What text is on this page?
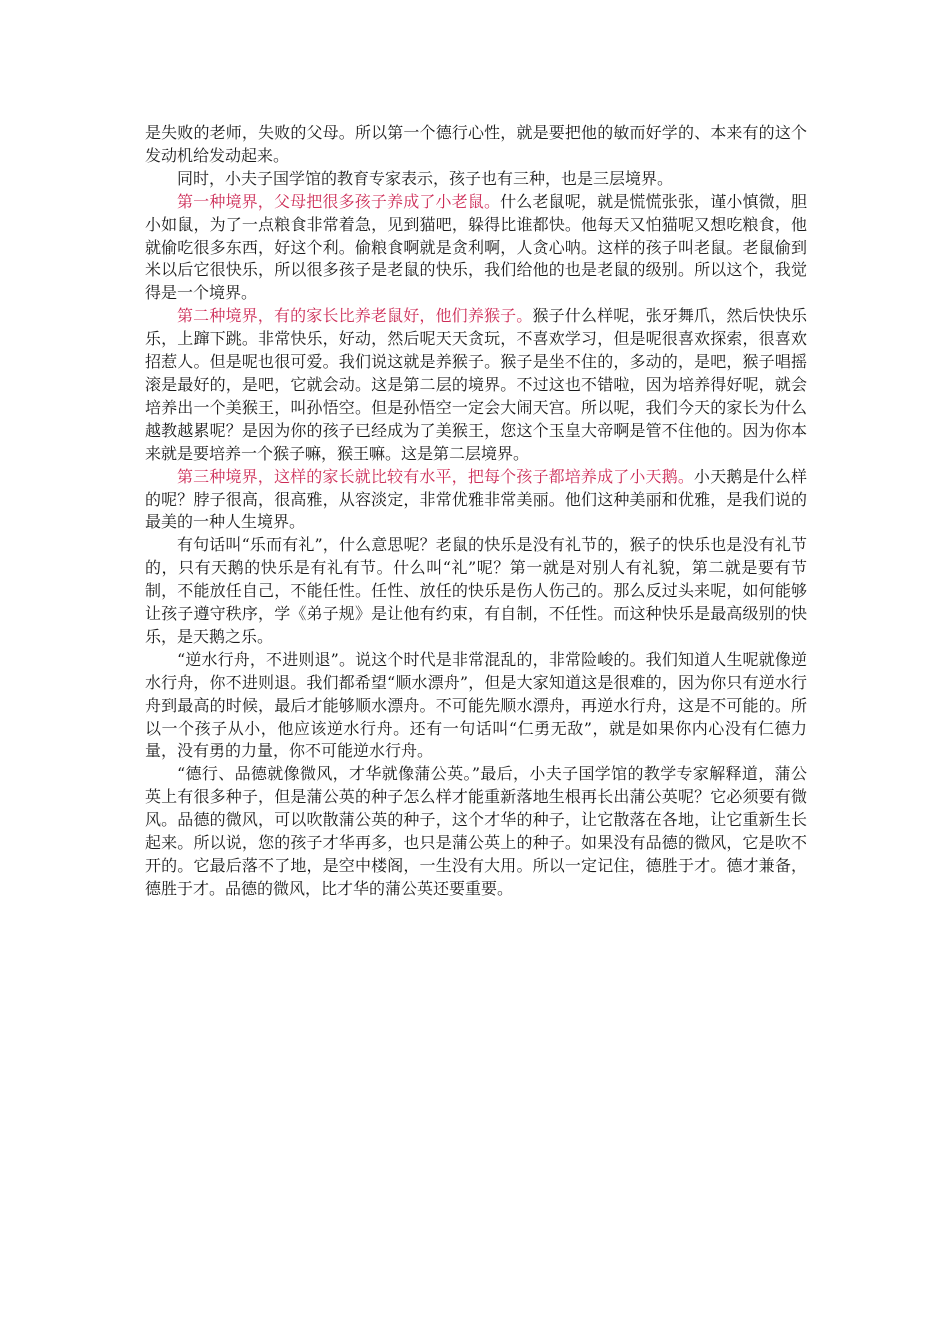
是失败的老师，失败的父母。所以第一个德行心性，就是要把他的敏而好学的、本来有的这个发动机给发动起来。

同时，小夫子国学馆的教育专家表示，孩子也有三种，也是三层境界。

第一种境界，父母把很多孩子养成了小老鼠。什么老鼠呢，就是慌慌张张，谨小慎微，胆小如鼠，为了一点粮食非常着急，见到猫吧，躲得比谁都快。他每天又怕猫呢又想吃粮食，他就偷吃很多东西，好这个利。偷粮食啊就是贪利啊，人贪心呐。这样的孩子叫老鼠。老鼠偷到米以后它很快乐，所以很多孩子是老鼠的快乐，我们给他的也是老鼠的级别。所以这个，我觉得是一个境界。

第二种境界，有的家长比养老鼠好，他们养猴子。猴子什么样呢，张牙舞爪，然后快快乐乐，上蹿下跳。非常快乐，好动，然后呢天天贪玩，不喜欢学习，但是呢很喜欢探索，很喜欢招惹人。但是呢也很可爱。我们说这就是养猴子。猴子是坐不住的，多动的，是吧，猴子唱摇滚是最好的，是吧，它就会动。这是第二层的境界。不过这也不错啦，因为培养得好呢，就会培养出一个美猴王，叫孙悟空。但是孙悟空一定会大闹天宫。所以呢，我们今天的家长为什么越教越累呢？是因为你的孩子已经成为了美猴王，您这个玉皇大帝啊是管不住他的。因为你本来就是要培养一个猴子嘛，猴王嘛。这是第二层境界。

第三种境界，这样的家长就比较有水平，把每个孩子都培养成了小天鹅。小天鹅是什么样的呢？脖子很高，很高雅，从容淡定，非常优雅非常美丽。他们这种美丽和优雅，是我们说的最美的一种人生境界。

有句话叫“乐而有礼”，什么意思呢？老鼠的快乐是没有礼节的，猴子的快乐也是没有礼节的，只有天鹅的快乐是有礼有节。什么叫“礼”呢？第一就是对别人有礼貌，第二就是要有节制，不能放任自己，不能任性。任性、放任的快乐是伤人伤己的。那么反过头来呢，如何能够让孩子遵守秩序，学《弟子规》是让他有约束，有自制，不任性。而这种快乐是最高级别的快乐，是天鹅之乐。

“逆水行舟，不进则退”。说这个时代是非常混乱的，非常险峻的。我们知道人生呢就像逆水行舟，你不进则退。我们都希望“顺水漂舟”，但是大家知道这是很难的，因为你只有逆水行舟到最高的时候，最后才能够顺水漂舟。不可能先顺水漂舟，再逆水行舟，这是不可能的。所以一个孩子从小，他应该逆水行舟。还有一句话叫“仁勇无敌”，就是如果你内心没有仁德力量，没有勇的力量，你不可能逆水行舟。

“德行、品德就像微风，才华就像蒲公英。”最后，小夫子国学馆的教学专家解释道，蒲公英上有很多种子，但是蒲公英的种子怎么样才能重新落地生根再长出蒲公英呢？它必须要有微风。品德的微风，可以吹散蒲公英的种子，这个才华的种子，让它散落在各地，让它重新生长起来。所以说，您的孩子才华再多，也只是蒲公英上的种子。如果没有品德的微风，它是吹不开的。它最后落不了地，是空中楼阁，一生没有大用。所以一定记住，德胜于才。德才兼备，德胜于才。品德的微风，比才华的蒲公英还要重要。
